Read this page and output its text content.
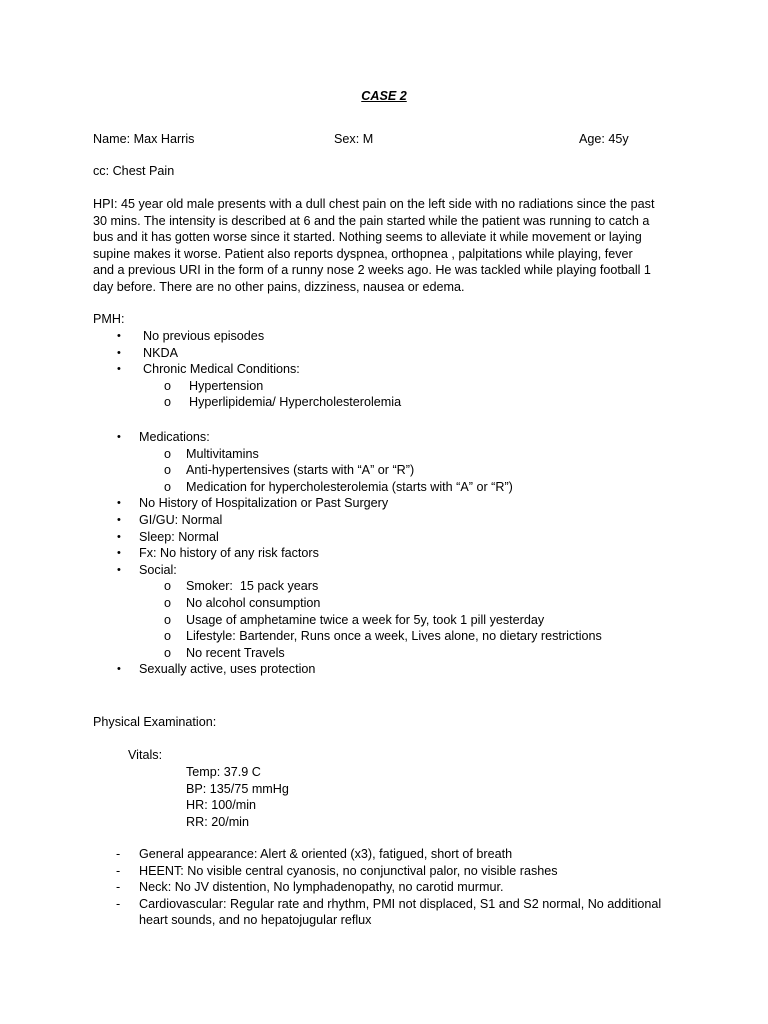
CASE 2
Name: Max Harris	Sex: M	Age: 45y
cc: Chest Pain
HPI: 45 year old male presents with a dull chest pain on the left side with no radiations since the past
30 mins. The intensity is described at 6 and the pain started while the patient was running to catch a
bus and it has gotten worse since it started. Nothing seems to alleviate it while movement or laying
supine makes it worse. Patient also reports dyspnea, orthopnea , palpitations while playing, fever
and a previous URI in the form of a runny nose 2 weeks ago. He was tackled while playing football 1
day before. There are no other pains, dizziness, nausea or edema.
PMH:
• No previous episodes
• NKDA
• Chronic Medical Conditions:
o Hypertension
o Hyperlipidemia/ Hypercholesterolemia
• Medications:
o Multivitamins
o Anti-hypertensives (starts with “A” or “R”)
o Medication for hypercholesterolemia (starts with “A” or “R”)
• No History of Hospitalization or Past Surgery
• GI/GU: Normal
• Sleep: Normal
• Fx: No history of any risk factors
• Social:
o Smoker:  15 pack years
o No alcohol consumption
o Usage of amphetamine twice a week for 5y, took 1 pill yesterday
o Lifestyle: Bartender, Runs once a week, Lives alone, no dietary restrictions
o No recent Travels
• Sexually active, uses protection
Physical Examination:
Vitals:
Temp: 37.9 C
BP: 135/75 mmHg
HR: 100/min
RR: 20/min
- General appearance: Alert & oriented (x3), fatigued, short of breath
- HEENT: No visible central cyanosis, no conjunctival palor, no visible rashes
- Neck: No JV distention, No lymphadenopathy, no carotid murmur.
- Cardiovascular: Regular rate and rhythm, PMI not displaced, S1 and S2 normal, No additional
heart sounds, and no hepatojugular reflux
